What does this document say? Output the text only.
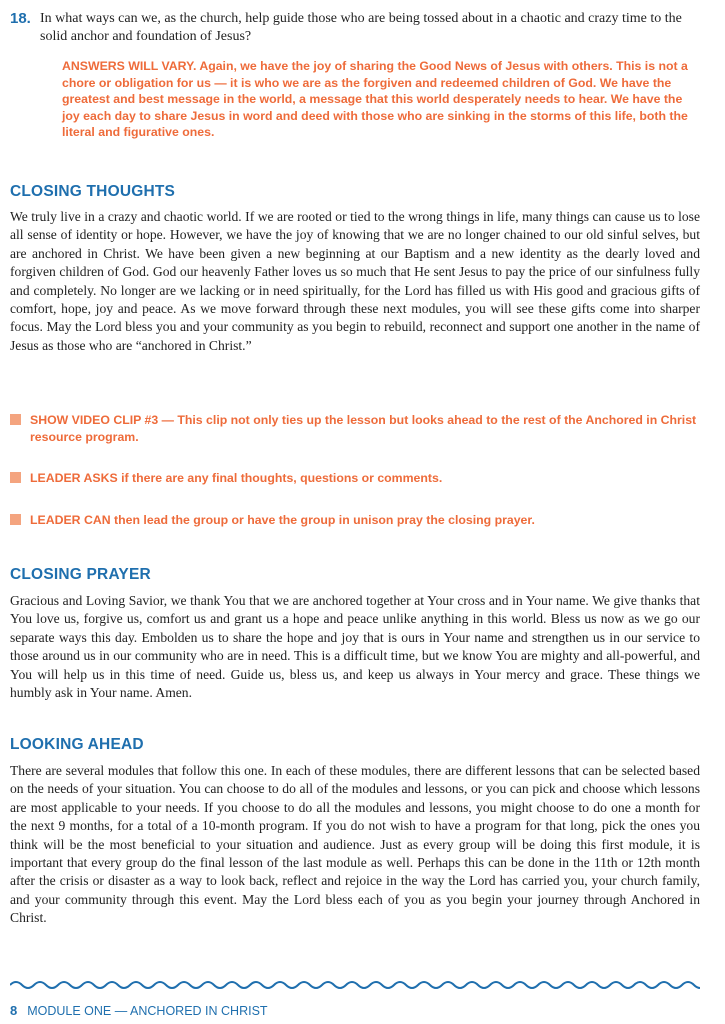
18. In what ways can we, as the church, help guide those who are being tossed about in a chaotic and crazy time to the solid anchor and foundation of Jesus?
ANSWERS WILL VARY. Again, we have the joy of sharing the Good News of Jesus with others. This is not a chore or obligation for us — it is who we are as the forgiven and redeemed children of God. We have the greatest and best message in the world, a message that this world desperately needs to hear. We have the joy each day to share Jesus in word and deed with those who are sinking in the storms of this life, both the literal and figurative ones.
CLOSING THOUGHTS
We truly live in a crazy and chaotic world. If we are rooted or tied to the wrong things in life, many things can cause us to lose all sense of identity or hope. However, we have the joy of knowing that we are no longer chained to our old sinful selves, but are anchored in Christ. We have been given a new beginning at our Baptism and a new identity as the dearly loved and forgiven children of God. God our heavenly Father loves us so much that He sent Jesus to pay the price of our sinfulness fully and completely. No longer are we lacking or in need spiritually, for the Lord has filled us with His good and gracious gifts of comfort, hope, joy and peace. As we move forward through these next modules, you will see these gifts come into sharper focus. May the Lord bless you and your community as you begin to rebuild, reconnect and support one another in the name of Jesus as those who are “anchored in Christ.”
SHOW VIDEO CLIP #3 — This clip not only ties up the lesson but looks ahead to the rest of the Anchored in Christ resource program.
LEADER ASKS if there are any final thoughts, questions or comments.
LEADER CAN then lead the group or have the group in unison pray the closing prayer.
CLOSING PRAYER
Gracious and Loving Savior, we thank You that we are anchored together at Your cross and in Your name. We give thanks that You love us, forgive us, comfort us and grant us a hope and peace unlike anything in this world. Bless us now as we go our separate ways this day. Embolden us to share the hope and joy that is ours in Your name and strengthen us in our service to those around us in our community who are in need. This is a difficult time, but we know You are mighty and all-powerful, and You will help us in this time of need. Guide us, bless us, and keep us always in Your mercy and grace. These things we humbly ask in Your name. Amen.
LOOKING AHEAD
There are several modules that follow this one. In each of these modules, there are different lessons that can be selected based on the needs of your situation. You can choose to do all of the modules and lessons, or you can pick and choose which lessons are most applicable to your needs. If you choose to do all the modules and lessons, you might choose to do one a month for the next 9 months, for a total of a 10-month program. If you do not wish to have a program for that long, pick the ones you think will be the most beneficial to your situation and audience. Just as every group will be doing this first module, it is important that every group do the final lesson of the last module as well. Perhaps this can be done in the 11th or 12th month after the crisis or disaster as a way to look back, reflect and rejoice in the way the Lord has carried you, your church family, and your community through this event. May the Lord bless each of you as you begin your journey through Anchored in Christ.
8 MODULE ONE — ANCHORED IN CHRIST
